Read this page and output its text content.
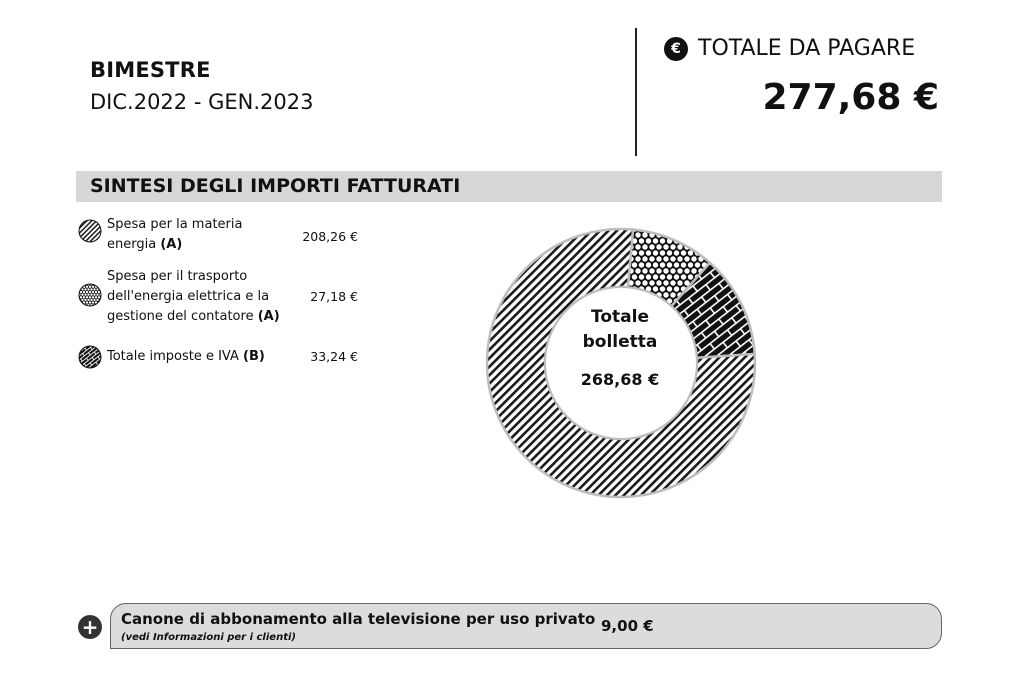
BIMESTRE
DIC.2022 - GEN.2023
€ TOTALE DA PAGARE
277,68 €
SINTESI DEGLI IMPORTI FATTURATI
Spesa per la materia
energia (A)
208,26 €
Spesa per il trasporto
dell'energia elettrica e la
gestione del contatore (A)
27,18 €
Totale imposte e IVA (B)	33,24 €
Totale
bolletta
268,68 €
+ Canone di abbonamento alla televisione per uso privato
(vedi Informazioni per i clienti)
9,00 €
